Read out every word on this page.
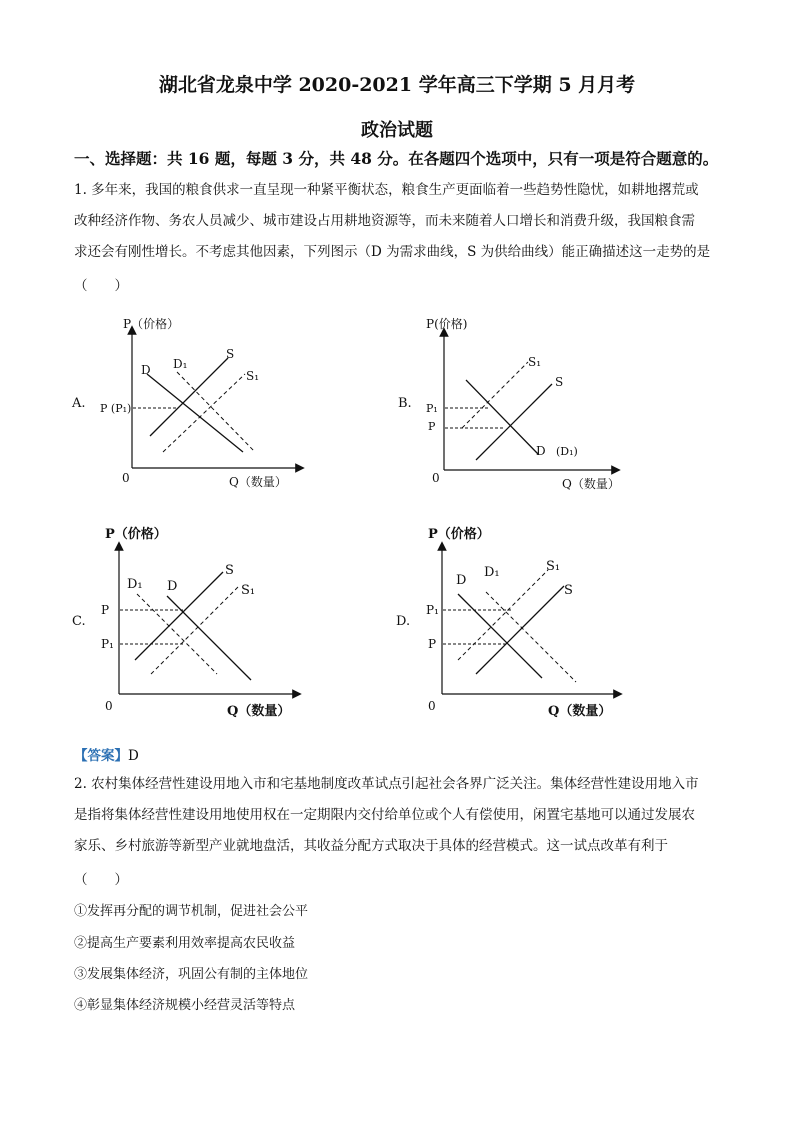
湖北省龙泉中学 2020-2021 学年高三下学期 5 月月考
政治试题
一、选择题：共 16 题，每题 3 分，共 48 分。在各题四个选项中，只有一项是符合题意的。
1. 多年来，我国的粮食供求一直呈现一种紧平衡状态，粮食生产更面临着一些趋势性隐忧，如耕地撂荒或
改种经济作物、务农人员减少、城市建设占用耕地资源等，而未来随着人口增长和消费升级，我国粮食需
求还会有刚性增长。不考虑其他因素，下列图示（D 为需求曲线，S 为供给曲线）能正确描述这一走势的是
（　　）
A.
P（价格）
Q（数量）
0
P (P₁)
D D₁
S
S₁
B.
P(价格)
Q（数量）
0
P₁
P
S₁
S
D (D₁)
C.
P（价格）
Q（数量）
0
P
P₁
D₁ D
S
S₁
D.
P（价格）
Q（数量）
0
P₁
P
D
D₁	S₁
S
【答案】D
2. 农村集体经营性建设用地入市和宅基地制度改革试点引起社会各界广泛关注。集体经营性建设用地入市
是指将集体经营性建设用地使用权在一定期限内交付给单位或个人有偿使用，闲置宅基地可以通过发展农
家乐、乡村旅游等新型产业就地盘活，其收益分配方式取决于具体的经营模式。这一试点改革有利于
（　　）
①发挥再分配的调节机制，促进社会公平
②提高生产要素利用效率提高农民收益
③发展集体经济，巩固公有制的主体地位
④彰显集体经济规模小经营灵活等特点
